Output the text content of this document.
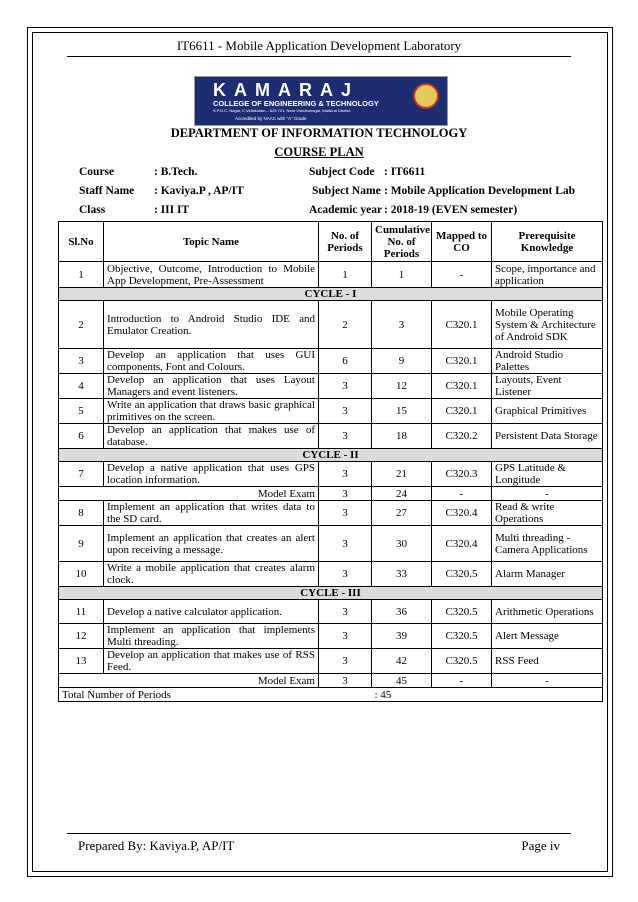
IT6611 - Mobile Application Development Laboratory
KAMARAJ
COLLEGE OF ENGINEERING & TECHNOLOGY
S.P.G.C. Nagar, K.Vellakulam – 625 701, Near Virudhunagar, Madurai District.
Accredited by NAAC with "A" Grade
DEPARTMENT OF INFORMATION TECHNOLOGY
COURSE PLAN
Course	: B.Tech.	Subject Code : IT6611
Staff Name : Kaviya.P , AP/IT	Subject Name : Mobile Application Development Lab
Class	: III IT	Academic year : 2018-19 (EVEN semester)
Sl.No	Topic Name	No. of Periods	Cumulative No. of Periods	Mapped to CO	Prerequisite Knowledge
1	Objective, Outcome, Introduction to Mobile App Development, Pre-Assessment	1	1	-	Scope, importance and application
CYCLE - I					
2	Introduction to Android Studio IDE and Emulator Creation.	2	3	C320.1	Mobile Operating System & Architecture of Android SDK
3	Develop an application that uses GUI components, Font and Colours.	6	9	C320.1	Android Studio Palettes
4	Develop an application that uses Layout Managers and event listeners.	3	12	C320.1	Layouts, Event Listener
5	Write an application that draws basic graphical primitives on the screen.	3	15	C320.1	Graphical Primitives
6	Develop an application that makes use of database.	3	18	C320.2	Persistent Data Storage
CYCLE - II					
7	Develop a native application that uses GPS location information.	3	21	C320.3	GPS Latitude & Longitude
Model Exam		3	24	-	-
8	Implement an application that writes data to the SD card.	3	27	C320.4	Read & write Operations
9	Implement an application that creates an alert upon receiving a message.	3	30	C320.4	Multi threading - Camera Applications
10	Write a mobile application that creates alarm clock.	3	33	C320.5	Alarm Manager
CYCLE - III					
11	Develop a native calculator application.	3	36	C320.5	Arithmetic Operations
12	Implement an application that implements Multi threading.	3	39	C320.5	Alert Message
13	Develop an application that makes use of RSS Feed.	3	42	C320.5	RSS Feed
Model Exam		3	45	-	-
Total Number of Periods			: 45		
Prepared By: Kaviya.P, AP/IT	Page iv
